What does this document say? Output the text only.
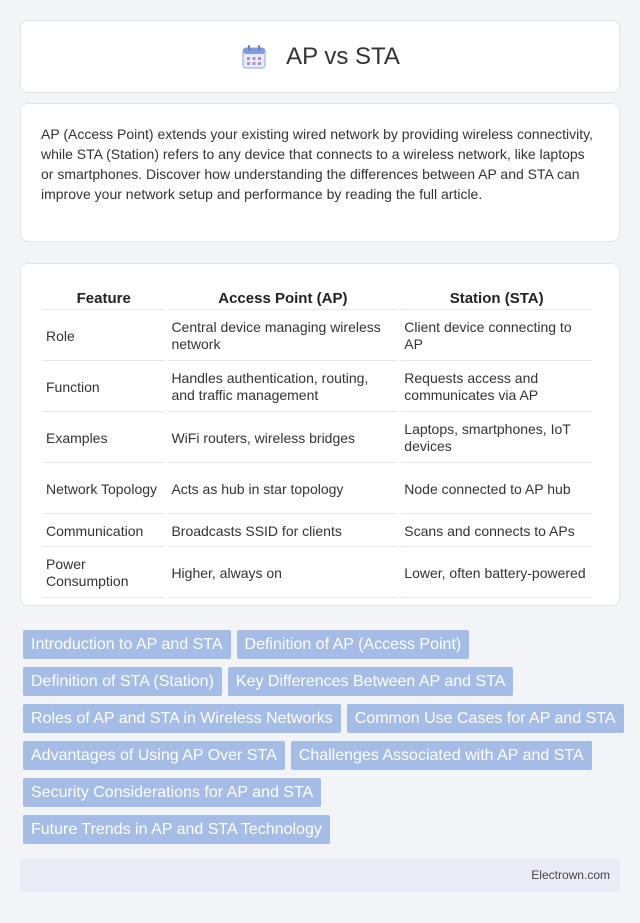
AP vs STA

AP (Access Point) extends your existing wired network by providing wireless connectivity, while STA (Station) refers to any device that connects to a wireless network, like laptops or smartphones. Discover how understanding the differences between AP and STA can improve your network setup and performance by reading the full article.

Feature	Access Point (AP)	Station (STA)
Role	Central device managing wireless network	Client device connecting to AP
Function	Handles authentication, routing, and traffic management	Requests access and communicates via AP
Examples	WiFi routers, wireless bridges	Laptops, smartphones, IoT devices
Network Topology	Acts as hub in star topology	Node connected to AP hub
Communication	Broadcasts SSID for clients	Scans and connects to APs
Power Consumption	Higher, always on	Lower, often battery-powered
Introduction to AP and STA	Definition of AP (Access Point)
Definition of STA (Station)	Key Differences Between AP and STA
Roles of AP and STA in Wireless Networks	Common Use Cases for AP and STA
Advantages of Using AP Over STA	Challenges Associated with AP and STA
Security Considerations for AP and STA
Future Trends in AP and STA Technology
Electrown.com
